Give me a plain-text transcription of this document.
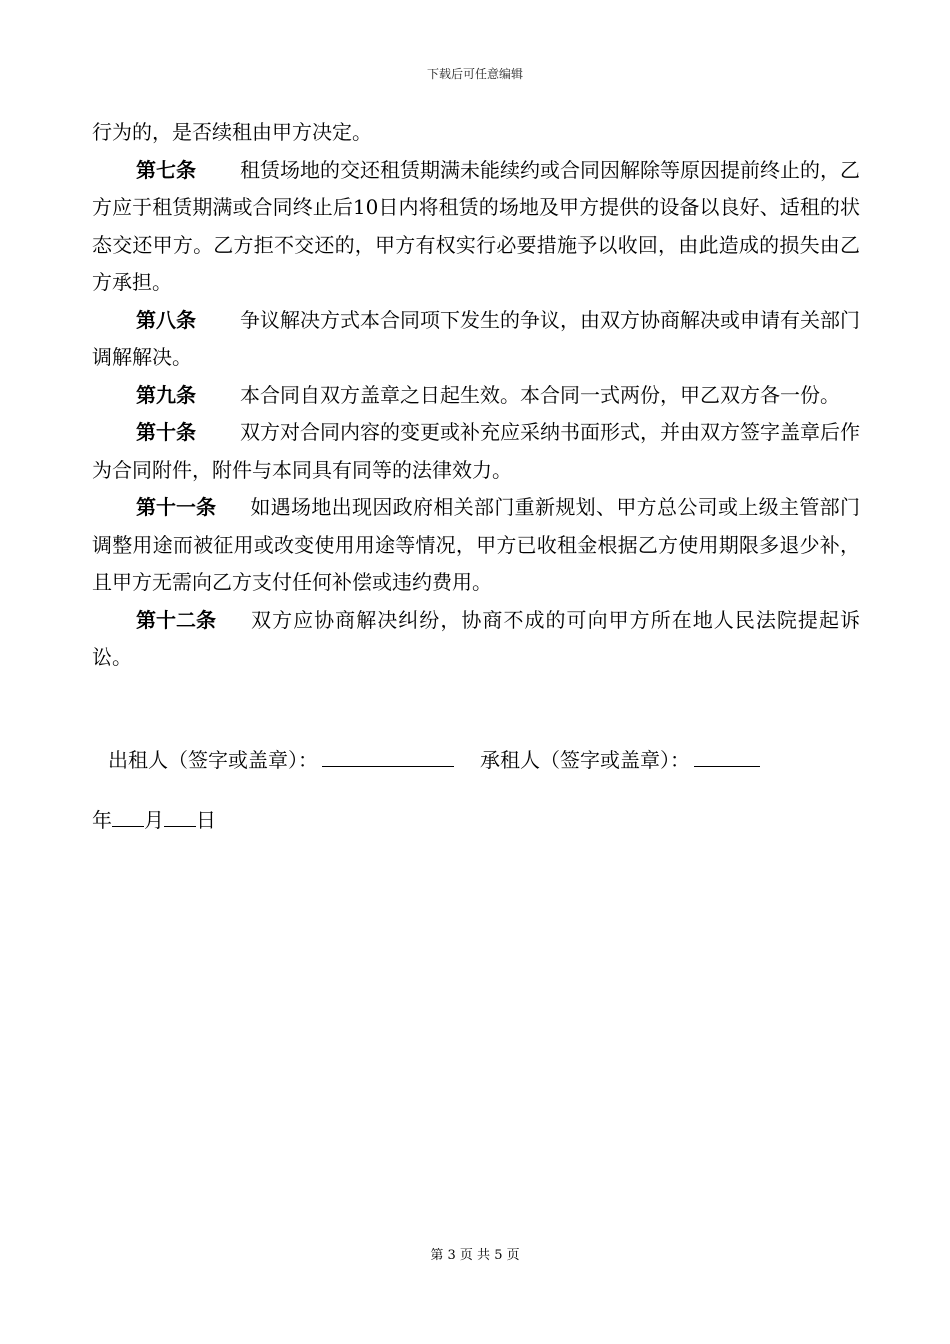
下载后可任意编辑

行为的，是否续租由甲方决定。

第七条 租赁场地的交还租赁期满未能续约或合同因解除等原因提前终止的，乙方应于租赁期满或合同终止后10日内将租赁的场地及甲方提供的设备以良好、适租的状态交还甲方。乙方拒不交还的，甲方有权实行必要措施予以收回，由此造成的损失由乙方承担。

第八条 争议解决方式本合同项下发生的争议，由双方协商解决或申请有关部门调解解决。

第九条 本合同自双方盖章之日起生效。本合同一式两份，甲乙双方各一份。

第十条 双方对合同内容的变更或补充应采纳书面形式，并由双方签字盖章后作为合同附件，附件与本同具有同等的法律效力。

第十一条 如遇场地出现因政府相关部门重新规划、甲方总公司或上级主管部门调整用途而被征用或改变使用用途等情况，甲方已收租金根据乙方使用期限多退少补，且甲方无需向乙方支付任何补偿或违约费用。

第十二条 双方应协商解决纠纷，协商不成的可向甲方所在地人民法院提起诉讼。

出租人（签字或盖章）：	承租人（签字或盖章）：
年 月 日
第 3 页 共 5 页
